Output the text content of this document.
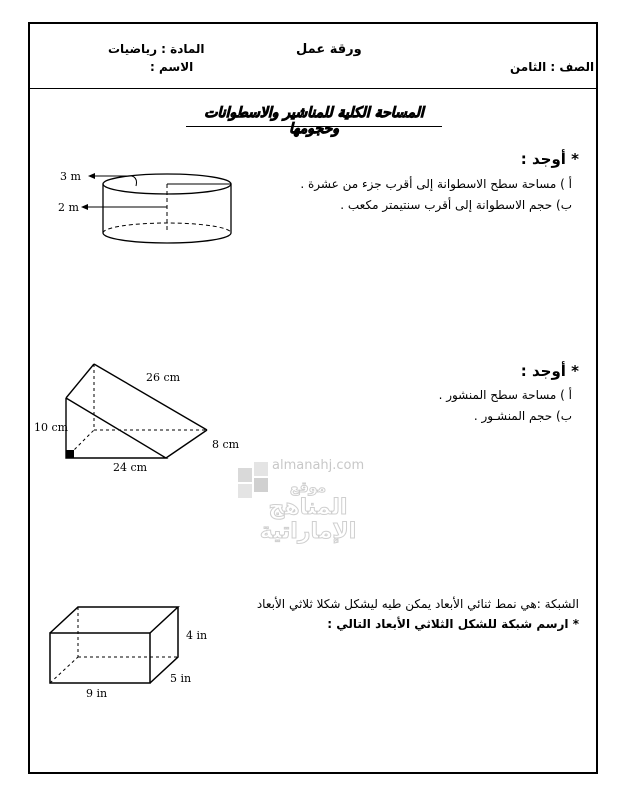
ورقة عمل
المادة : رياضيات
الاسم :	الصف : الثامن
المساحة الكلية للمناشير والاسطوانات وحجومها
* أوجد :
أ ) مساحة سطح الاسطوانة إلى أقرب جزء من عشرة .
ب) حجم الاسطوانة إلى أقرب سنتيمتر مكعب .
3 m
2 m
* أوجد :
أ ) مساحة سطح المنشور .
ب) حجم المنشـور .
26 cm
10 cm
8 cm
24 cm	almanahj.com
موقع
المناهج الإماراتية
الشبكة :هي نمط ثنائي الأبعاد يمكن طيه ليشكل شكلا ثلاثي الأبعاد
* ارسم شبكة للشكل الثلاثي الأبعاد التالي :
4 in
5 in
9 in
